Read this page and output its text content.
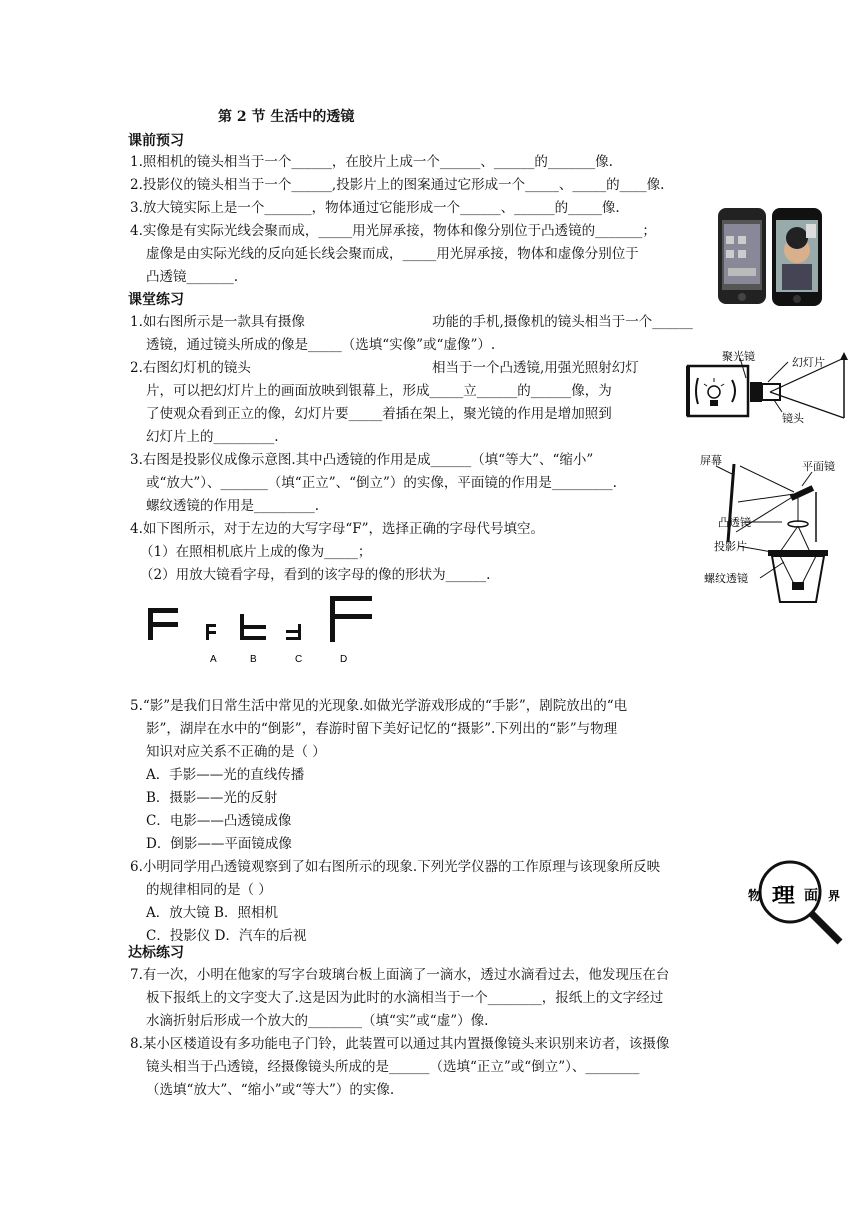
第 2 节 生活中的透镜
课前预习
1.照相机的镜头相当于一个______，在胶片上成一个______、______的_______像.
2.投影仪的镜头相当于一个______,投影片上的图案通过它形成一个_____、_____的____像.
3.放大镜实际上是一个_______，物体通过它能形成一个______、______的_____像.
4.实像是有实际光线会聚而成，_____用光屏承接，物体和像分别位于凸透镜的_______；
虚像是由实际光线的反向延长线会聚而成，_____用光屏承接，物体和虚像分别位于
凸透镜_______.
课堂练习
1.如右图所示是一款具有摄像	功能的手机,摄像机的镜头相当于一个______
透镜，通过镜头所成的像是_____（选填“实像”或“虚像”）.
2.右图幻灯机的镜头	相当于一个凸透镜,用强光照射幻灯
片，可以把幻灯片上的画面放映到银幕上，形成_____立______的______像，为
了使观众看到正立的像，幻灯片要_____着插在架上，聚光镜的作用是增加照到
幻灯片上的_________.
聚光镜	幻灯片
镜头
3.右图是投影仪成像示意图.其中凸透镜的作用是成______（填“等大”、“缩小”
或“放大”）、_______（填“正立”、“倒立”）的实像，平面镜的作用是_________.
螺纹透镜的作用是_________.
屏幕	平面镜
凸透镜
投影片
螺纹透镜
4.如下图所示，对于左边的大写字母“F”，选择正确的字母代号填空。
（1）在照相机底片上成的像为_____；
（2）用放大镜看字母，看到的该字母的像的形状为______.
A	B	C	D
5.“影”是我们日常生活中常见的光现象.如做光学游戏形成的“手影”，剧院放出的“电
影”，湖岸在水中的“倒影”，春游时留下美好记忆的“摄影”.下列出的“影”与物理
知识对应关系不正确的是（ ）
A．手影——光的直线传播
B．摄影——光的反射
C．电影——凸透镜成像
D．倒影——平面镜成像
6.小明同学用凸透镜观察到了如右图所示的现象.下列光学仪器的工作原理与该现象所反映
的规律相同的是（ ）
A．放大镜 B．照相机
C．投影仪 D．汽车的后视
物 理 面 界
达标练习
7.有一次，小明在他家的写字台玻璃台板上面滴了一滴水，透过水滴看过去，他发现压在台
板下报纸上的文字变大了.这是因为此时的水滴相当于一个________，报纸上的文字经过
水滴折射后形成一个放大的________（填“实”或“虚”）像.
8.某小区楼道设有多功能电子门铃，此装置可以通过其内置摄像镜头来识别来访者，该摄像
镜头相当于凸透镜，经摄像镜头所成的是______（选填“正立”或“倒立”）、________
（选填“放大”、“缩小”或“等大”）的实像.
